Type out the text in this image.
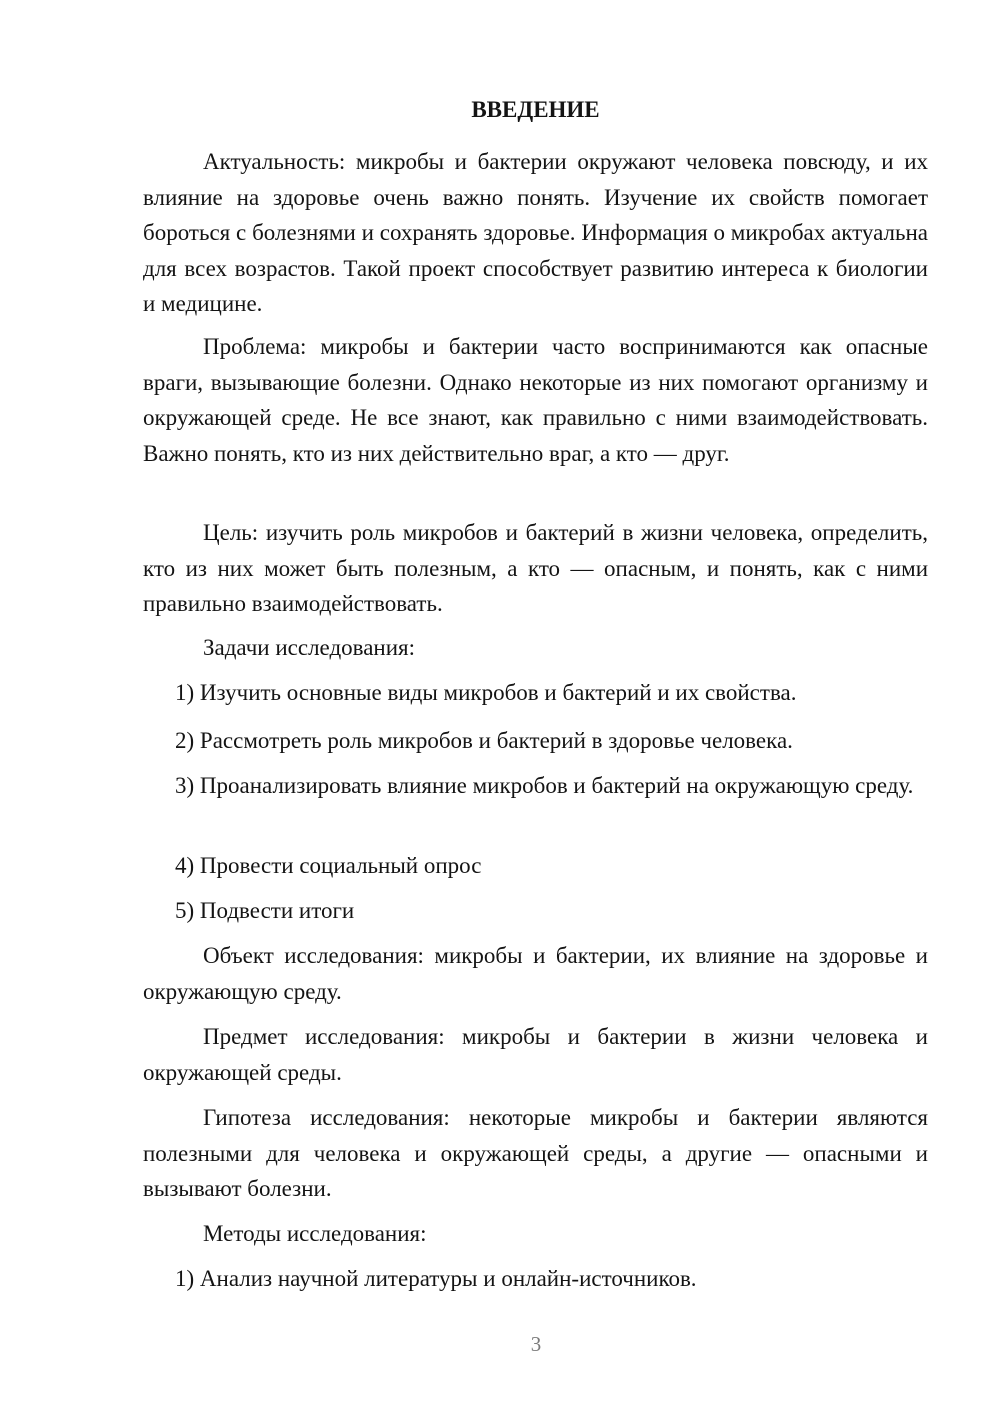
ВВЕДЕНИЕ

Актуальность: микробы и бактерии окружают человека повсюду, и их влияние на здоровье очень важно понять. Изучение их свойств помогает бороться с болезнями и сохранять здоровье. Информация о микробах актуальна для всех возрастов. Такой проект способствует развитию интереса к биологии и медицине.

Проблема: микробы и бактерии часто воспринимаются как опасные враги, вызывающие болезни. Однако некоторые из них помогают организму и окружающей среде. Не все знают, как правильно с ними взаимодействовать. Важно понять, кто из них действительно враг, а кто — друг.

Цель: изучить роль микробов и бактерий в жизни человека, определить, кто из них может быть полезным, а кто — опасным, и понять, как с ними правильно взаимодействовать.

Задачи исследования:

1) Изучить основные виды микробов и бактерий и их свойства.

2) Рассмотреть роль микробов и бактерий в здоровье человека.

3) Проанализировать влияние микробов и бактерий на окружающую среду.

4) Провести социальный опрос

5) Подвести итоги

Объект исследования: микробы и бактерии, их влияние на здоровье и окружающую среду.

Предмет исследования: микробы и бактерии в жизни человека и окружающей среды.

Гипотеза исследования: некоторые микробы и бактерии являются полезными для человека и окружающей среды, а другие — опасными и вызывают болезни.

Методы исследования:

1) Анализ научной литературы и онлайн-источников.

3
